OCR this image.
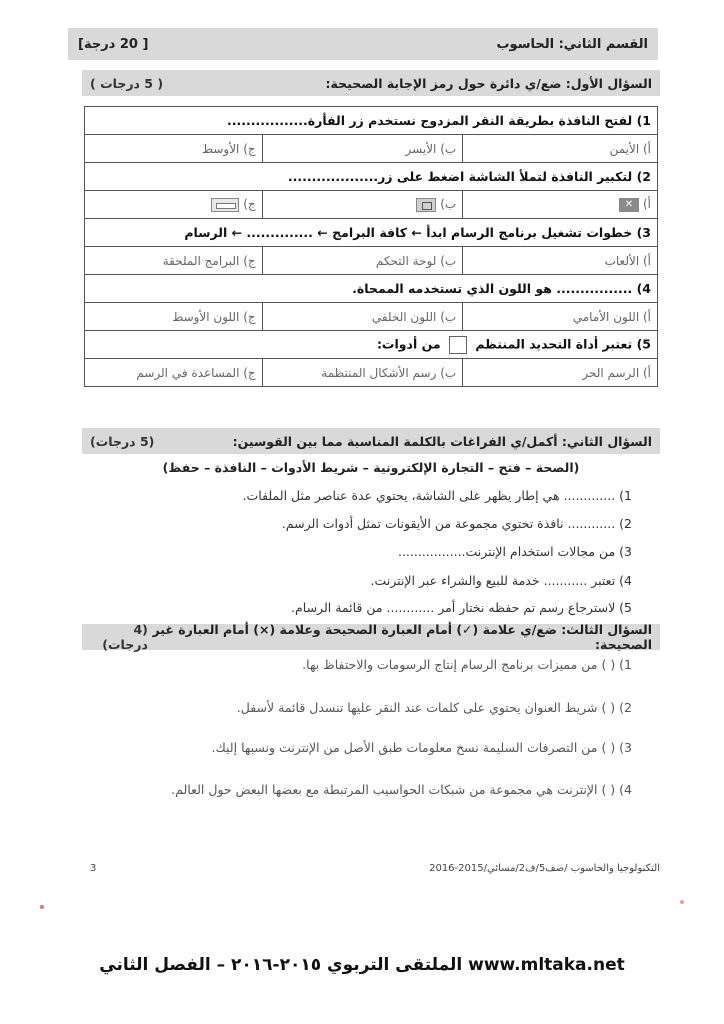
القسم الثاني: الحاسوب
[ 20 درجة]
السؤال الأول: ضع/ي دائرة حول رمز الإجابة الصحيحة:
( 5 درجات )
1) لفتح النافذة بطريقة النقر المزدوج نستخدم زر الفأرة.................		
أ) الأيمن	ب) الأيسر	ج) الأوسط
2) لتكبير النافذة لتملأ الشاشة اضغط على زر...................		
أ)✕	ب)	ج)
3) خطوات تشغيل برنامج الرسام ابدأ ← كافة البرامج ← .............. ← الرسام		
أ) الألعاب	ب) لوحة التحكم	ج) البرامج الملحقة
4) ................ هو اللون الذي تستخدمه الممحاة.		
أ) اللون الأمامي	ب) اللون الخلفي	ج) اللون الأوسط
5) تعتبر أداة التحديد المنتظم  من أدوات:		
أ) الرسم الحر	ب) رسم الأشكال المنتظمة	ج) المساعدة في الرسم
السؤال الثاني: أكمل/ي الفراغات بالكلمة المناسبة مما بين القوسين:
(5 درجات)
(الصحة – فتح – التجارة الإلكترونية – شريط الأدوات – النافذة – حفظ)
1) ............. هي إطار يظهر على الشاشة، يحتوي عدة عناصر مثل الملفات.
2) ............ نافذة تحتوي مجموعة من الأيقونات تمثل أدوات الرسم.
3) من مجالات استخدام الإنترنت.................
4) تعتبر ........... خدمة للبيع والشراء عبر الإنترنت.
5) لاسترجاع رسم تم حفظه نختار أمر ............ من قائمة الرسام.
السؤال الثالث: ضع/ي علامة (✓) أمام العبارة الصحيحة وعلامة (×) أمام العبارة غير الصحيحة:
(4 درجات)
1) ( ) من مميزات برنامج الرسام إنتاج الرسومات والاحتفاظ بها.
2) ( ) شريط العنوان يحتوي على كلمات عند النقر عليها تنسدل قائمة لأسفل.
3) ( ) من التصرفات السليمة نسخ معلومات طبق الأصل من الإنترنت ونسبها إليك.
4) ( ) الإنترنت هي مجموعة من شبكات الحواسيب المرتبطة مع بعضها البعض حول العالم.
3	التكنولوجيا والحاسوب /صف5/ف2/مسائي/2015-2016
www.mltaka.net الملتقى التربوي ٢٠١٥-٢٠١٦ – الفصل الثاني
